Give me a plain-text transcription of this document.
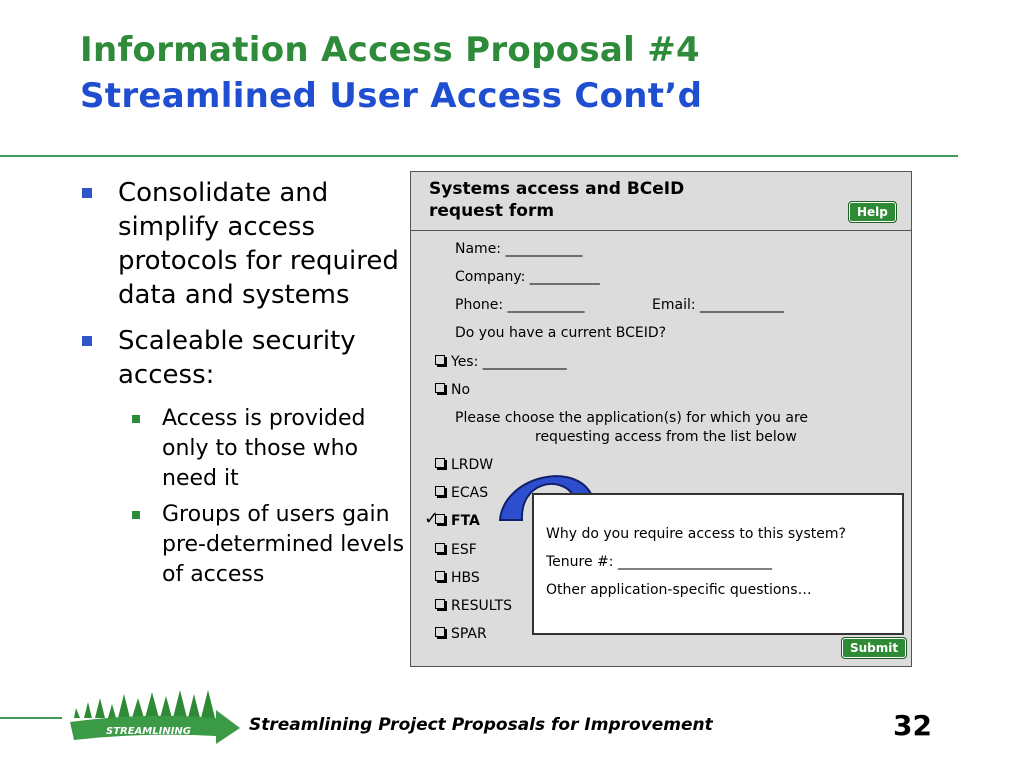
Information Access Proposal #4
Streamlined User Access Cont’d
Consolidate and simplify access protocols for required data and systems
Scaleable security access:
Access is provided only to those who need it
Groups of users gain pre-determined levels of access
Systems access and BCeID request form	Help
Name: ___________
Company: __________
Phone: ___________	Email: ____________
Do you have a current BCEID?
Yes: ____________
No
Please choose the application(s) for which you are
requesting access from the list below
LRDW
ECAS
✓ FTA
ESF
HBS
RESULTS
SPAR
Submit
Why do you require access to this system?
Tenure #: ______________________
Other application-specific questions…
STREAMLINING	Streamlining Project Proposals for Improvement	32
